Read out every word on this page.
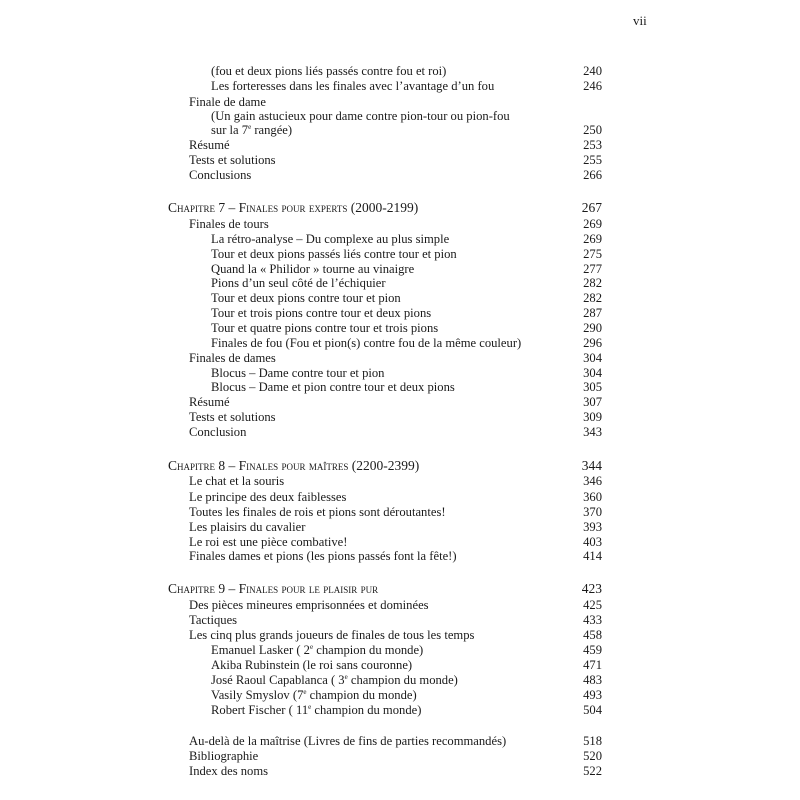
vii
(fou et deux pions liés passés contre fou et roi)	240
Les forteresses dans les finales avec l’avantage d’un fou	246
Finale de dame
(Un gain astucieux pour dame contre pion-tour ou pion-fou
sur la 7e rangée)	250
Résumé	253
Tests et solutions	255
Conclusions	266
Chapitre 7 – Finales pour experts (2000-2199)	267
Finales de tours	269
La rétro-analyse – Du complexe au plus simple	269
Tour et deux pions passés liés contre tour et pion	275
Quand la « Philidor » tourne au vinaigre	277
Pions d’un seul côté de l’échiquier	282
Tour et deux pions contre tour et pion	282
Tour et trois pions contre tour et deux pions	287
Tour et quatre pions contre tour et trois pions	290
Finales de fou (Fou et pion(s) contre fou de la même couleur)	296
Finales de dames	304
Blocus – Dame contre tour et pion	304
Blocus – Dame et pion contre tour et deux pions	305
Résumé	307
Tests et solutions	309
Conclusion	343
Chapitre 8 – Finales pour maîtres (2200-2399)	344
Le chat et la souris	346
Le principe des deux faiblesses	360
Toutes les finales de rois et pions sont déroutantes!	370
Les plaisirs du cavalier	393
Le roi est une pièce combative!	403
Finales dames et pions (les pions passés font la fête!)	414
Chapitre 9 – Finales pour le plaisir pur	423
Des pièces mineures emprisonnées et dominées	425
Tactiques	433
Les cinq plus grands joueurs de finales de tous les temps	458
Emanuel Lasker ( 2e champion du monde)	459
Akiba Rubinstein (le roi sans couronne)	471
José Raoul Capablanca ( 3e champion du monde)	483
Vasily Smyslov (7e champion du monde)	493
Robert Fischer ( 11e champion du monde)	504
Au-delà de la maîtrise (Livres de fins de parties recommandés)	518
Bibliographie	520
Index des noms	522
